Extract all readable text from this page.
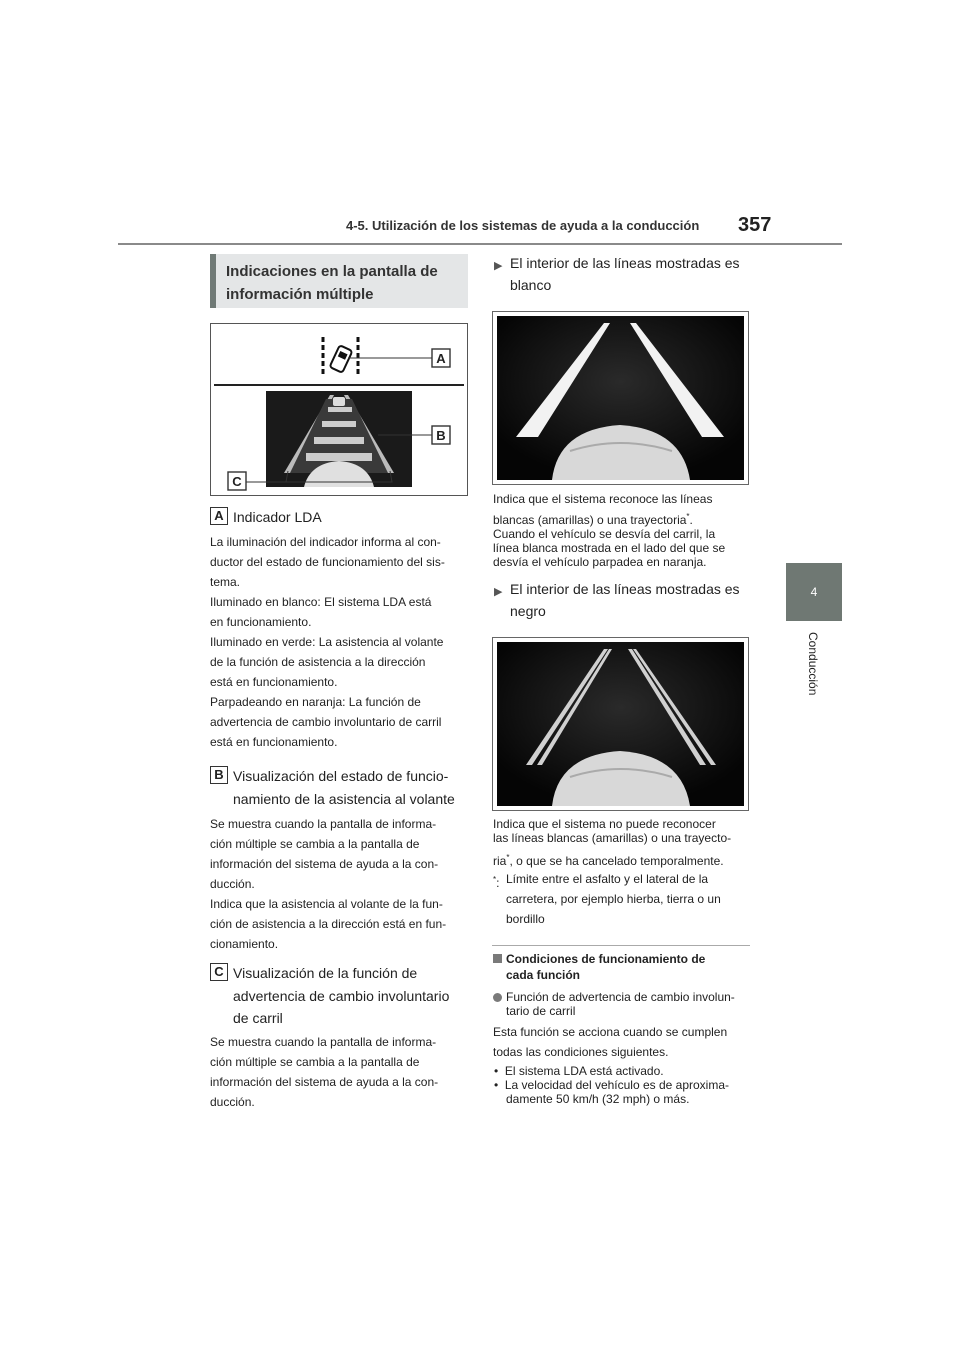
4-5. Utilización de los sistemas de ayuda a la conducción 357
4
Conducción
Indicaciones en la pantalla de
información múltiple
A
B
C
A Indicador LDA
La iluminación del indicador informa al con-
ductor del estado de funcionamiento del sis-
tema.
Iluminado en blanco: El sistema LDA está
en funcionamiento.
Iluminado en verde: La asistencia al volante
de la función de asistencia a la dirección
está en funcionamiento.
Parpadeando en naranja: La función de
advertencia de cambio involuntario de carril
está en funcionamiento.
B Visualización del estado de funcio-
namiento de la asistencia al volante
Se muestra cuando la pantalla de informa-
ción múltiple se cambia a la pantalla de
información del sistema de ayuda a la con-
ducción.
Indica que la asistencia al volante de la fun-
ción de asistencia a la dirección está en fun-
cionamiento.
C Visualización de la función de
advertencia de cambio involuntario
de carril
Se muestra cuando la pantalla de informa-
ción múltiple se cambia a la pantalla de
información del sistema de ayuda a la con-
ducción.
▶ El interior de las líneas mostradas es
blanco
Indica que el sistema reconoce las líneas
blancas (amarillas) o una trayectoria*.
Cuando el vehículo se desvía del carril, la
línea blanca mostrada en el lado del que se
desvía el vehículo parpadea en naranja.
▶ El interior de las líneas mostradas es
negro
Indica que el sistema no puede reconocer
las líneas blancas (amarillas) o una trayecto-
ria*, o que se ha cancelado temporalmente.
*: Límite entre el asfalto y el lateral de la
carretera, por ejemplo hierba, tierra o un
bordillo
Condiciones de funcionamiento de
cada función
Función de advertencia de cambio involun-
tario de carril
Esta función se acciona cuando se cumplen
todas las condiciones siguientes.
• El sistema LDA está activado.
• La velocidad del vehículo es de aproxima-
damente 50 km/h (32 mph) o más.
